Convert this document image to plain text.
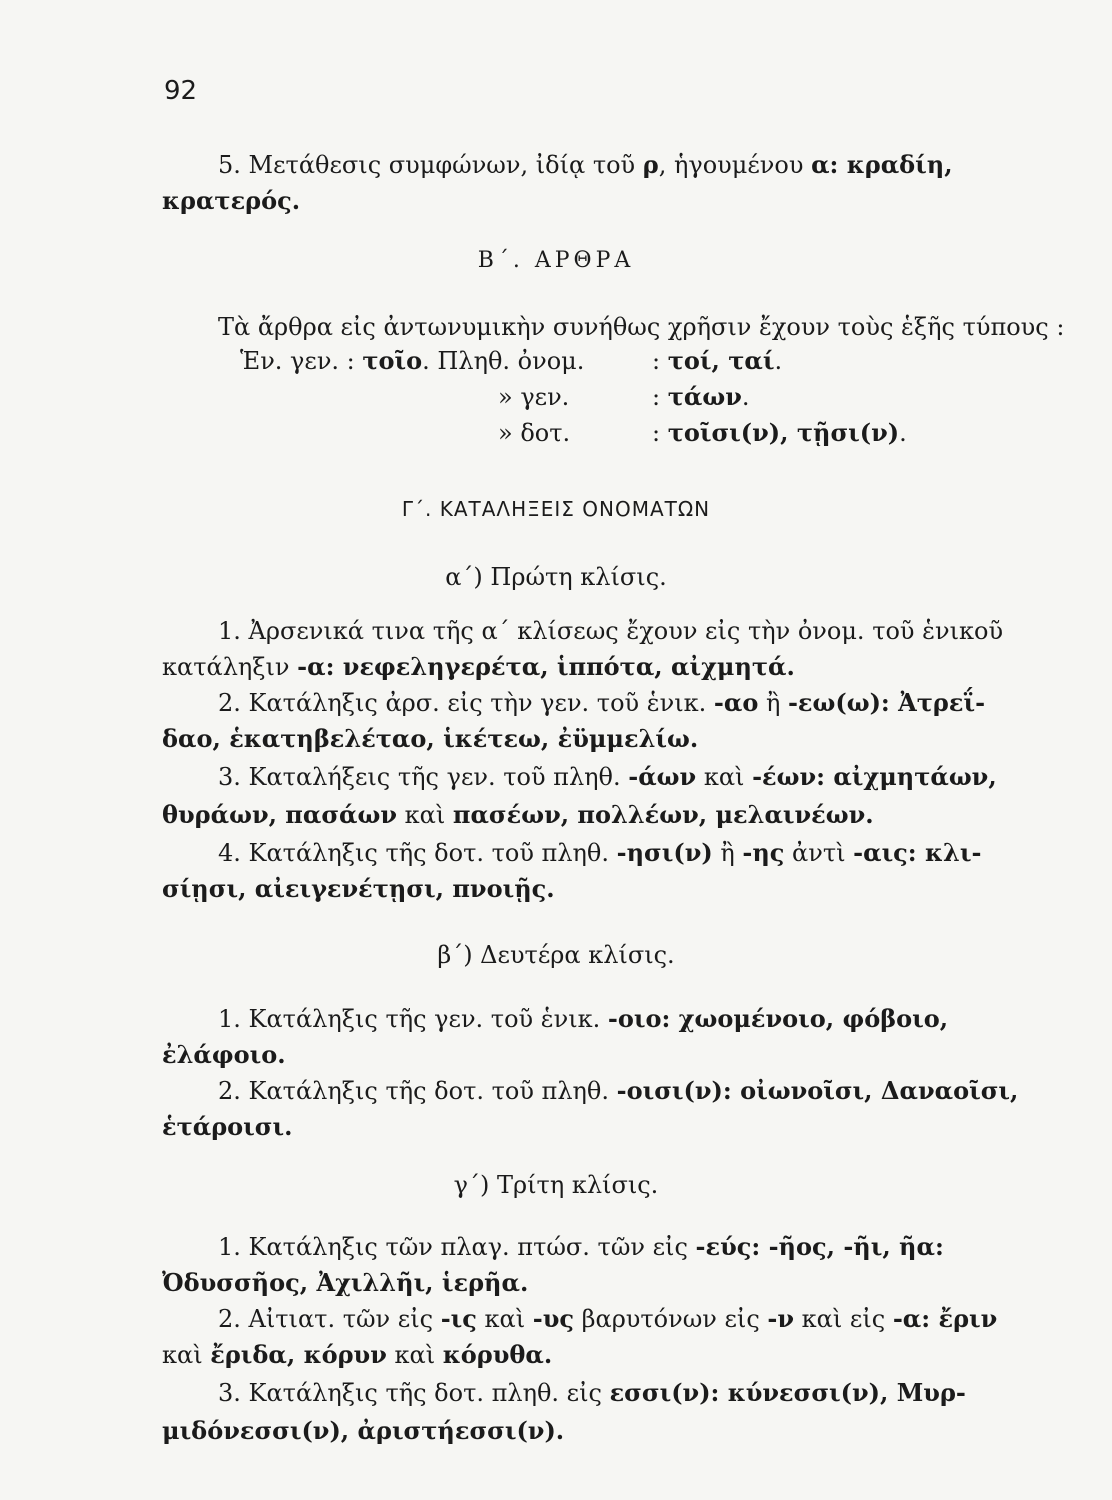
92
5. Μετάθεσις συμφώνων, ἰδίᾳ τοῦ ρ, ἡγουμένου α: κραδίη,
κρατερός.
Β΄. ΑΡΘΡΑ
Τὰ ἄρθρα εἰς ἀντωνυμικὴν συνήθως χρῆσιν ἔχουν τοὺς ἑξῆς τύπους :
Ἑν. γεν. : τοῖο. Πληθ. ὀνομ.	: τοί, ταί.
» γεν.	: τάων.
» δοτ.	: τοῖσι(ν), τῇσι(ν).
Γ΄. ΚΑΤΑΛΗΞΕΙΣ ΟΝΟΜΑΤΩΝ
α΄) Πρώτη κλίσις.
1. Ἀρσενικά τινα τῆς α΄ κλίσεως ἔχουν εἰς τὴν ὀνομ. τοῦ ἑνικοῦ
κατάληξιν -α: νεφεληγερέτα, ἱππότα, αἰχμητά.
2. Κατάληξις ἀρσ. εἰς τὴν γεν. τοῦ ἑνικ. -αο ἢ -εω(ω): Ἀτρεΐ-
δαο, ἑκατηβελέταο, ἱκέτεω, ἐϋμμελίω.
3. Καταλήξεις τῆς γεν. τοῦ πληθ. -άων καὶ -έων: αἰχμητάων,
θυράων, πασάων καὶ πασέων, πολλέων, μελαινέων.
4. Κατάληξις τῆς δοτ. τοῦ πληθ. -ησι(ν) ἢ -ης ἀντὶ -αις: κλι-
σίῃσι, αἰειγενέτῃσι, πνοιῇς.
β΄) Δευτέρα κλίσις.
1. Κατάληξις τῆς γεν. τοῦ ἑνικ. -οιο: χωομένοιο, φόβοιο,
ἐλάφοιο.
2. Κατάληξις τῆς δοτ. τοῦ πληθ. -οισι(ν): οἰωνοῖσι, Δαναοῖσι,
ἑτάροισι.
γ΄) Τρίτη κλίσις.
1. Κατάληξις τῶν πλαγ. πτώσ. τῶν εἰς -εύς: -ῆος, -ῆι, ῆα:
Ὀδυσσῆος, Ἀχιλλῆι, ἱερῆα.
2. Αἰτιατ. τῶν εἰς -ις καὶ -υς βαρυτόνων εἰς -ν καὶ εἰς -α: ἔριν
καὶ ἔριδα, κόρυν καὶ κόρυθα.
3. Κατάληξις τῆς δοτ. πληθ. εἰς εσσι(ν): κύνεσσι(ν), Μυρ-
μιδόνεσσι(ν), ἀριστήεσσι(ν).
